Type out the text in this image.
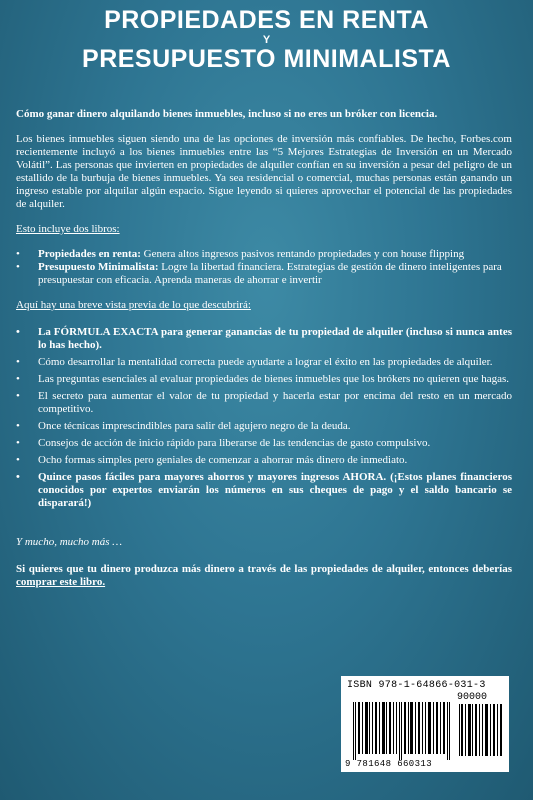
PROPIEDADES EN RENTA
Y
PRESUPUESTO MINIMALISTA

Cómo ganar dinero alquilando bienes inmuebles, incluso si no eres un bróker con licencia.

Los bienes inmuebles siguen siendo una de las opciones de inversión más confiables. De hecho, Forbes.com recientemente incluyó a los bienes inmuebles entre las “5 Mejores Estrategias de Inversión en un Mercado Volátil”. Las personas que invierten en propiedades de alquiler confían en su inversión a pesar del peligro de un estallido de la burbuja de bienes inmuebles. Ya sea residencial o comercial, muchas personas están ganando un ingreso estable por alquilar algún espacio. Sigue leyendo si quieres aprovechar el potencial de las propiedades de alquiler.

Esto incluye dos libros:

• Propiedades en renta: Genera altos ingresos pasivos rentando propiedades y con house flipping
• Presupuesto Minimalista: Logre la libertad financiera. Estrategias de gestión de dinero inteligentes para presupuestar con eficacia. Aprenda maneras de ahorrar e invertir

Aquí hay una breve vista previa de lo que descubrirá:

• La FÓRMULA EXACTA para generar ganancias de tu propiedad de alquiler (incluso si nunca antes lo has hecho).
• Cómo desarrollar la mentalidad correcta puede ayudarte a lograr el éxito en las propiedades de alquiler.
• Las preguntas esenciales al evaluar propiedades de bienes inmuebles que los brókers no quieren que hagas.
• El secreto para aumentar el valor de tu propiedad y hacerla estar por encima del resto en un mercado competitivo.
• Once técnicas imprescindibles para salir del agujero negro de la deuda.
• Consejos de acción de inicio rápido para liberarse de las tendencias de gasto compulsivo.
• Ocho formas simples pero geniales de comenzar a ahorrar más dinero de inmediato.
• Quince pasos fáciles para mayores ahorros y mayores ingresos AHORA. (¡Estos planes financieros conocidos por expertos enviarán los números en sus cheques de pago y el saldo bancario se disparará!)

Y mucho, mucho más …

Si quieres que tu dinero produzca más dinero a través de las propiedades de alquiler, entonces deberías comprar este libro.

ISBN 978-1-64866-031-3
90000
9 781648 660313
